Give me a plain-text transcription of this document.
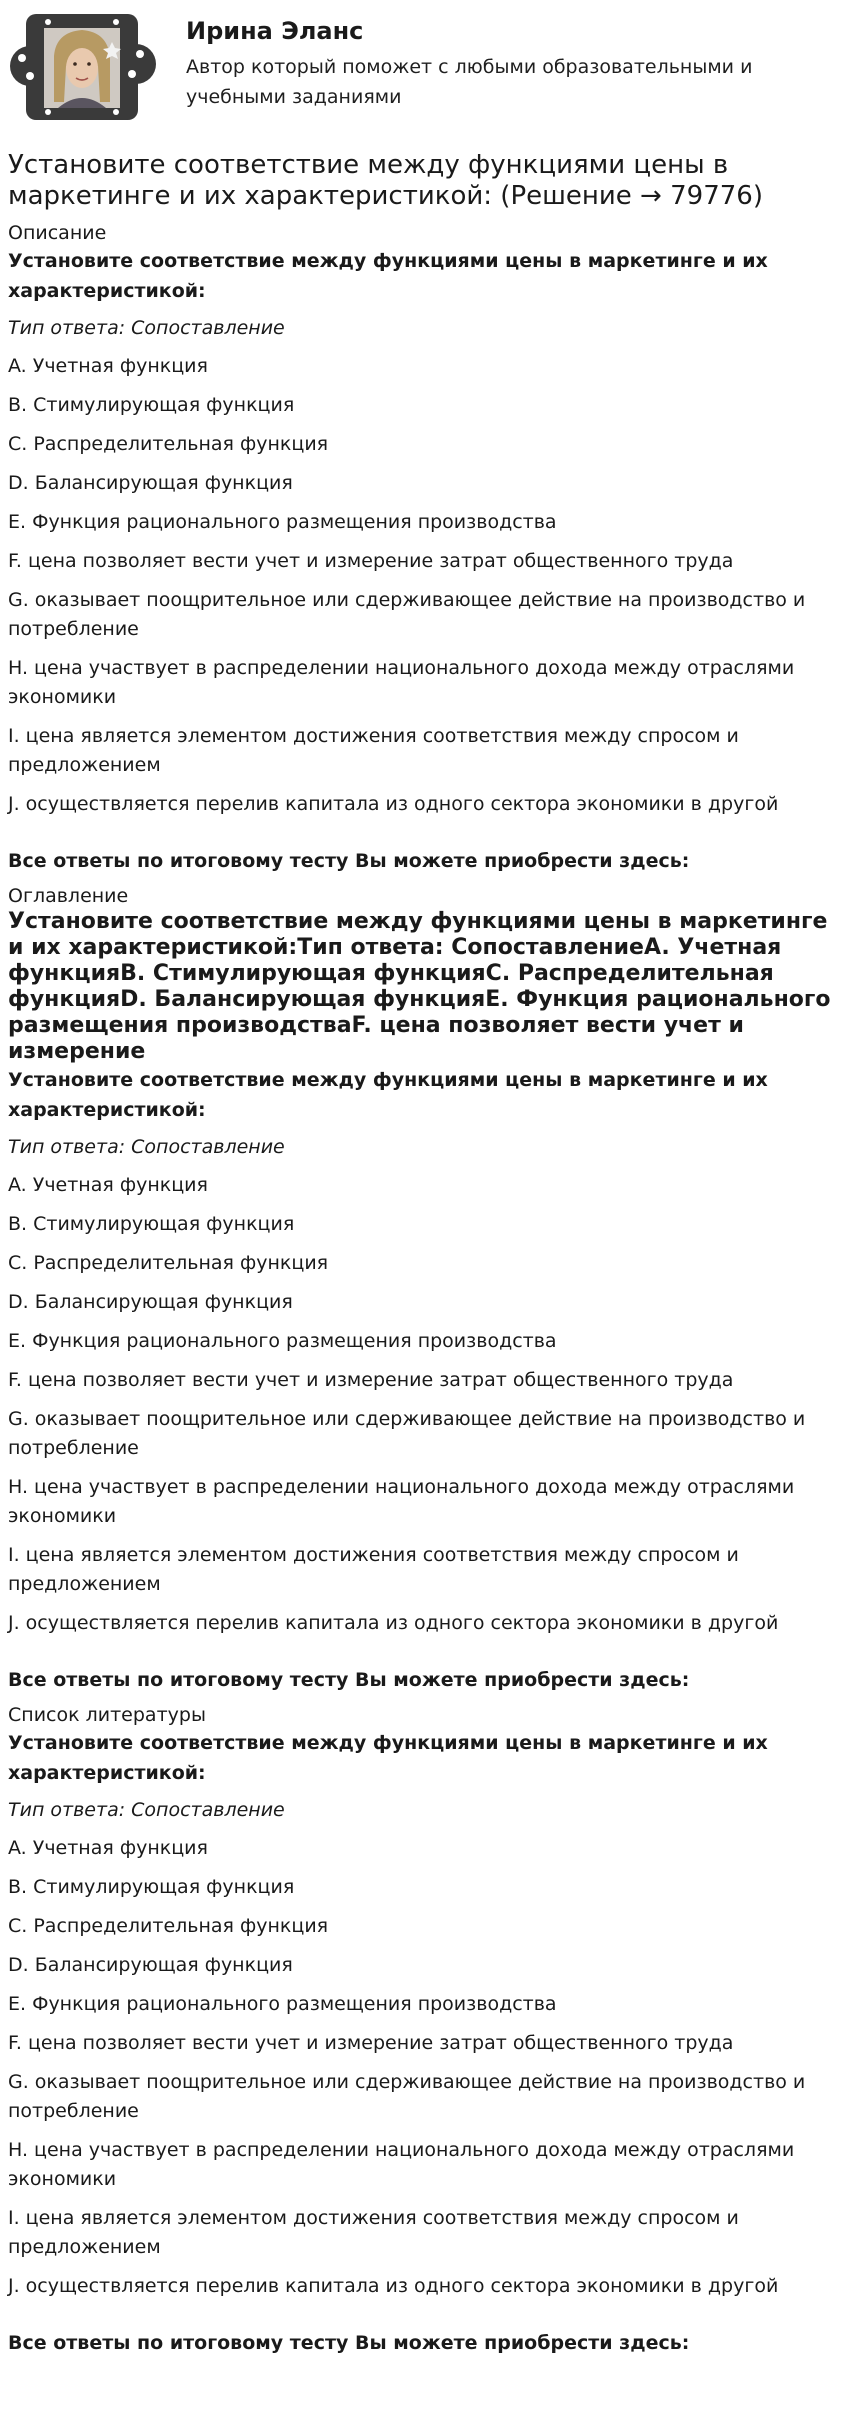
Ирина Эланс
Автор который поможет с любыми образовательными и учебными заданиями
Установите соответствие между функциями цены в маркетинге и их характеристикой: (Решение → 79776)
Описание
Установите соответствие между функциями цены в маркетинге и их характеристикой:
Тип ответа: Сопоставление
A. Учетная функция
B. Стимулирующая функция
C. Распределительная функция
D. Балансирующая функция
E. Функция рационального размещения производства
F. цена позволяет вести учет и измерение затрат общественного труда
G. оказывает поощрительное или сдерживающее действие на производство и потребление
H. цена участвует в распределении национального дохода между отраслями экономики
I. цена является элементом достижения соответствия между спросом и предложением
J. осуществляется перелив капитала из одного сектора экономики в другой
Все ответы по итоговому тесту Вы можете приобрести здесь:
Оглавление
Установите соответствие между функциями цены в маркетинге и их характеристикой:Тип ответа: СопоставлениеA. Учетная функцияB. Стимулирующая функцияC. Распределительная функцияD. Балансирующая функцияE. Функция рационального размещения производстваF. цена позволяет вести учет и измерение
Установите соответствие между функциями цены в маркетинге и их характеристикой:
Тип ответа: Сопоставление
A. Учетная функция
B. Стимулирующая функция
C. Распределительная функция
D. Балансирующая функция
E. Функция рационального размещения производства
F. цена позволяет вести учет и измерение затрат общественного труда
G. оказывает поощрительное или сдерживающее действие на производство и потребление
H. цена участвует в распределении национального дохода между отраслями экономики
I. цена является элементом достижения соответствия между спросом и предложением
J. осуществляется перелив капитала из одного сектора экономики в другой
Все ответы по итоговому тесту Вы можете приобрести здесь:
Список литературы
Установите соответствие между функциями цены в маркетинге и их характеристикой:
Тип ответа: Сопоставление
A. Учетная функция
B. Стимулирующая функция
C. Распределительная функция
D. Балансирующая функция
E. Функция рационального размещения производства
F. цена позволяет вести учет и измерение затрат общественного труда
G. оказывает поощрительное или сдерживающее действие на производство и потребление
H. цена участвует в распределении национального дохода между отраслями экономики
I. цена является элементом достижения соответствия между спросом и предложением
J. осуществляется перелив капитала из одного сектора экономики в другой
Все ответы по итоговому тесту Вы можете приобрести здесь:
